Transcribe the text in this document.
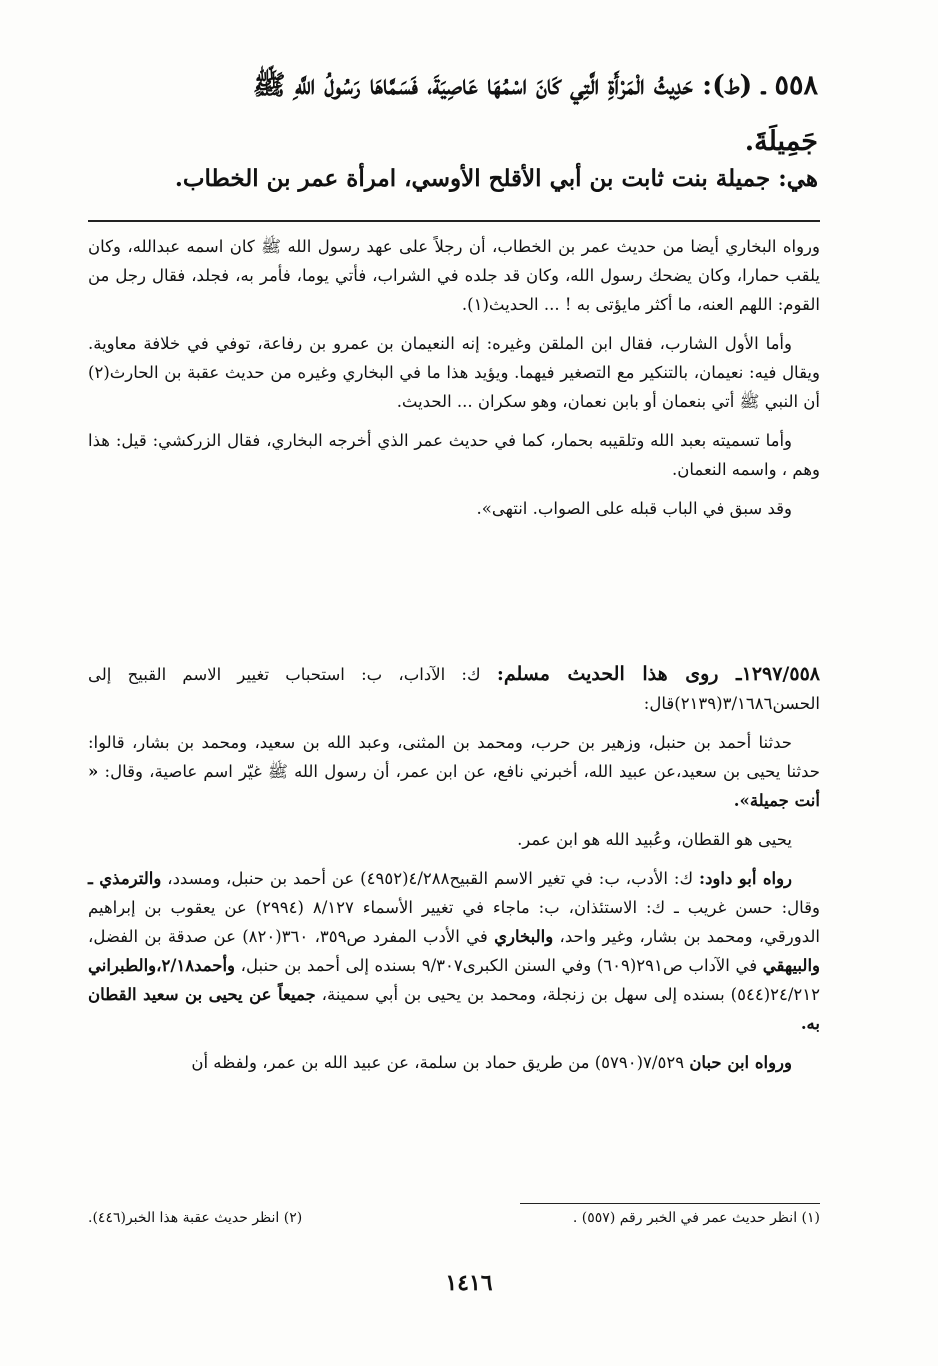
٥٥٨ ـ (ط): حَدِيثُ الْمَرْأَةِ الَّتِي كَانَ اسْمُهَا عَاصِيَةَ، فَسَمَّاهَا رَسُولُ اللَّهِ ﷺ
جَمِيلَةَ.
هي: جميلة بنت ثابت بن أبي الأقلح الأوسي، امرأة عمر بن الخطاب.

ورواه البخاري أيضا من حديث عمر بن الخطاب، أن رجلاً على عهد رسول الله ﷺ كان اسمه عبدالله، وكان يلقب حمارا، وكان يضحك رسول الله، وكان قد جلده في الشراب، فأتي يوما، فأمر به، فجلد، فقال رجل من القوم: اللهم العنه، ما أكثر مايؤتى به ! ... الحديث(١).

وأما الأول الشارب، فقال ابن الملقن وغيره: إنه النعيمان بن عمرو بن رفاعة، توفي في خلافة معاوية. ويقال فيه: نعيمان، بالتنكير مع التصغير فيهما. ويؤيد هذا ما في البخاري وغيره من حديث عقبة بن الحارث(٢) أن النبي ﷺ أتي بنعمان أو بابن نعمان، وهو سكران ... الحديث.

وأما تسميته بعبد الله وتلقيبه بحمار، كما في حديث عمر الذي أخرجه البخاري، فقال الزركشي: قيل: هذا وهم ، واسمه النعمان.

وقد سبق في الباب قبله على الصواب. انتهى».

١٢٩٧/٥٥٨ـ روى هذا الحديث مسلم: ك: الآداب، ب: استحباب تغيير الاسم القبيح إلى الحسن٣/١٦٨٦(٢١٣٩)قال:

حدثنا أحمد بن حنبل، وزهير بن حرب، ومحمد بن المثنى، وعبد الله بن سعيد، ومحمد بن بشار، قالوا: حدثنا يحيى بن سعيد،عن عبيد الله، أخبرني نافع، عن ابن عمر، أن رسول الله ﷺ غيّر اسم عاصية، وقال: « أنت جميلة».

يحيى هو القطان، وعُبيد الله هو ابن عمر.

رواه أبو داود: ك: الأدب، ب: في تغير الاسم القبيح٤/٢٨٨(٤٩٥٢) عن أحمد بن حنبل، ومسدد، والترمذي ـ وقال: حسن غريب ـ ك: الاستئذان، ب: ماجاء في تغيير الأسماء ٨/١٢٧ (٢٩٩٤) عن يعقوب بن إبراهيم الدورقي، ومحمد بن بشار، وغير واحد، والبخاري في الأدب المفرد ص٣٥٩، ٣٦٠(٨٢٠) عن صدقة بن الفضل، والبيهقي في الآداب ص٢٩١(٦٠٩) وفي السنن الكبرى٩/٣٠٧ بسنده إلى أحمد بن حنبل، وأحمد٢/١٨،والطبراني ٢٤/٢١٢(٥٤٤) بسنده إلى سهل بن زنجلة، ومحمد بن يحيى بن أبي سمينة، جميعاً عن يحيى بن سعيد القطان به.

ورواه ابن حبان ٧/٥٢٩(٥٧٩٠) من طريق حماد بن سلمة، عن عبيد الله بن عمر، ولفظه أن

(١) انظر حديث عمر في الخبر رقم (٥٥٧) .
(٢) انظر حديث عقبة هذا الخبر(٤٤٦).
١٤١٦
